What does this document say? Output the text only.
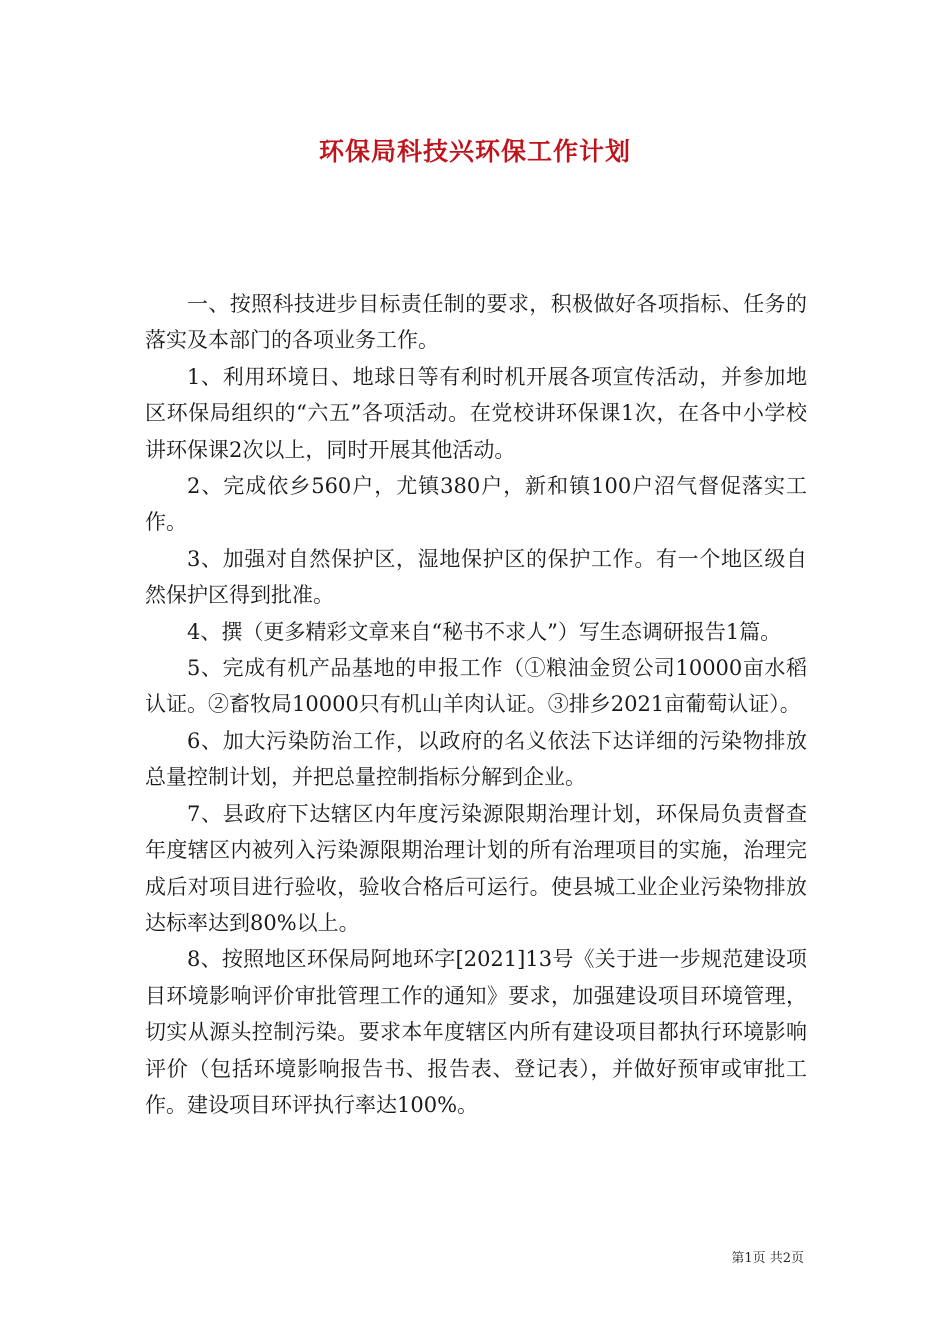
环保局科技兴环保工作计划

一、按照科技进步目标责任制的要求，积极做好各项指标、任务的落实及本部门的各项业务工作。

1、利用环境日、地球日等有利时机开展各项宣传活动，并参加地区环保局组织的“六五”各项活动。在党校讲环保课1次，在各中小学校讲环保课2次以上，同时开展其他活动。

2、完成依乡560户，尤镇380户，新和镇100户沼气督促落实工作。

3、加强对自然保护区，湿地保护区的保护工作。有一个地区级自然保护区得到批准。

4、撰（更多精彩文章来自“秘书不求人”）写生态调研报告1篇。

5、完成有机产品基地的申报工作（①粮油金贸公司10000亩水稻认证。②畜牧局10000只有机山羊肉认证。③排乡2021亩葡萄认证）。

6、加大污染防治工作，以政府的名义依法下达详细的污染物排放总量控制计划，并把总量控制指标分解到企业。

7、县政府下达辖区内年度污染源限期治理计划，环保局负责督查年度辖区内被列入污染源限期治理计划的所有治理项目的实施，治理完成后对项目进行验收，验收合格后可运行。使县城工业企业污染物排放达标率达到80%以上。

8、按照地区环保局阿地环字[2021]13号《关于进一步规范建设项目环境影响评价审批管理工作的通知》要求，加强建设项目环境管理，切实从源头控制污染。要求本年度辖区内所有建设项目都执行环境影响评价（包括环境影响报告书、报告表、登记表），并做好预审或审批工作。建设项目环评执行率达100%。

第1页 共2页
